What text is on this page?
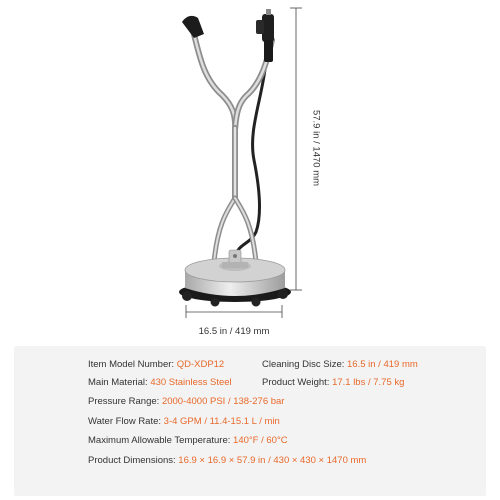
57.9 in / 1470 mm
16.5 in / 419 mm
Item Model Number: QD-XDP12	Cleaning Disc Size: 16.5 in / 419 mm
Main Material: 430 Stainless Steel	Product Weight: 17.1 lbs / 7.75 kg
Pressure Range: 2000-4000 PSI / 138-276 bar
Water Flow Rate: 3-4 GPM / 11.4-15.1 L / min
Maximum Allowable Temperature: 140°F / 60°C
Product Dimensions: 16.9 × 16.9 × 57.9 in / 430 × 430 × 1470 mm
